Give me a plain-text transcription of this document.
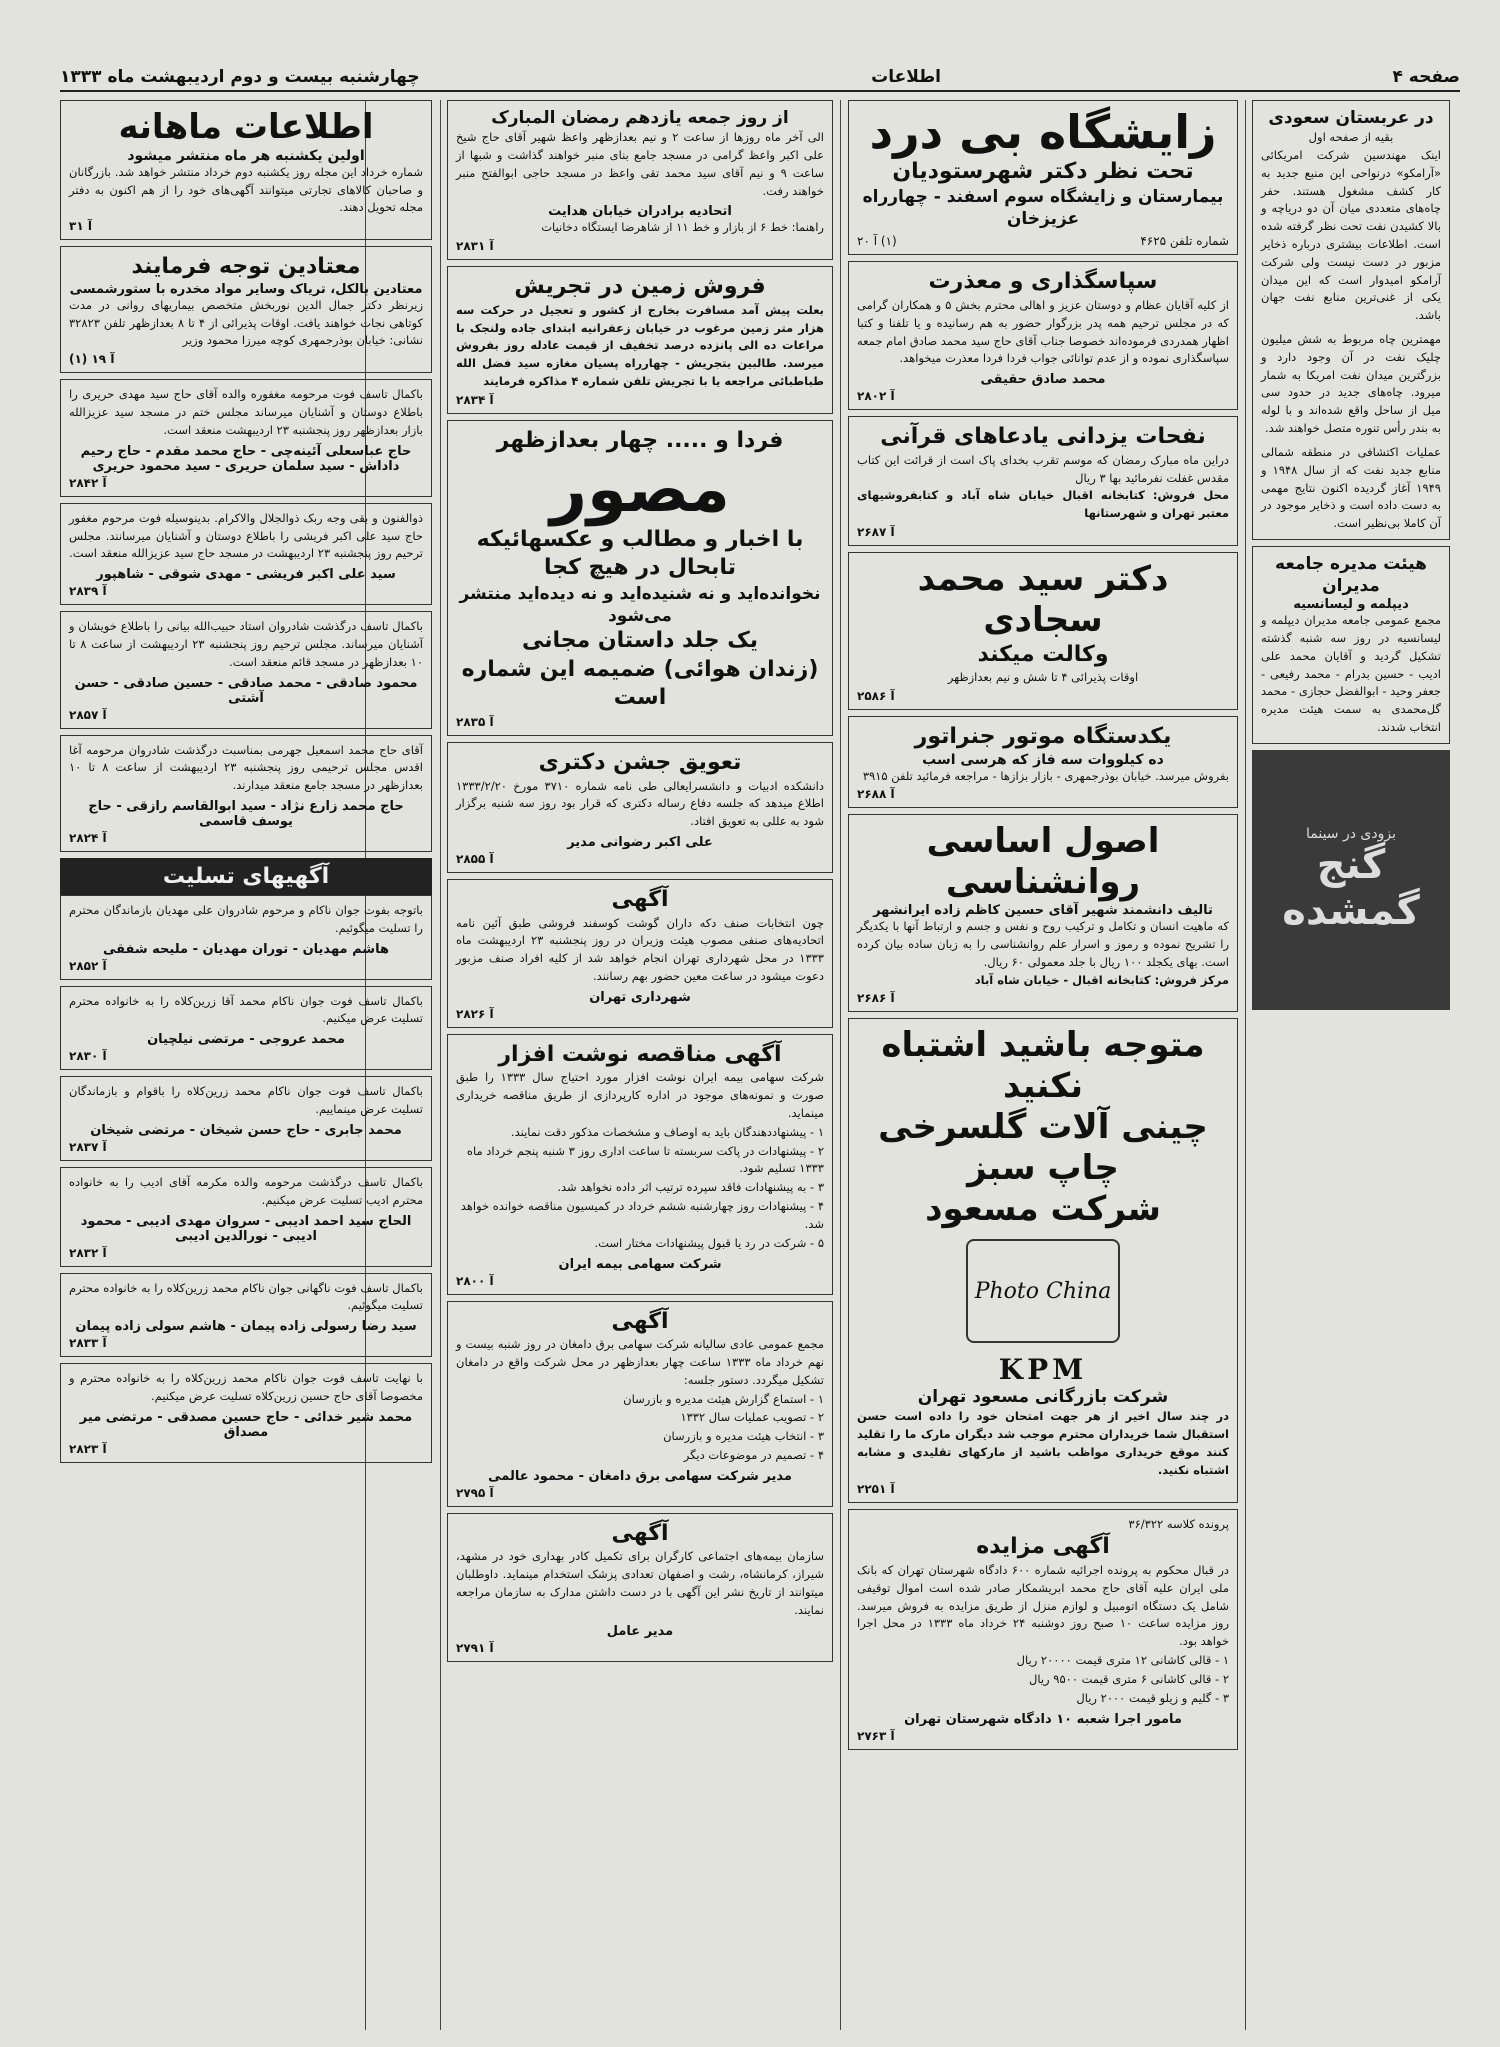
صفحه ۴
اطلاعات
چهارشنبه بیست و دوم اردیبهشت ماه ۱۳۳۳
در عربستان سعودی
بقیه از صفحه اول
اینک مهندسین شرکت امریکائی «آرامکو» درنواحی این منبع جدید به کار کشف مشغول هستند. حفر چاه‌های متعددی میان آن دو دریاچه و بالا کشیدن نفت تحت نظر گرفته شده است. اطلاعات بیشتری درباره ذخایر مزبور در دست نیست ولی شرکت آرامکو امیدوار است که این میدان یکی از غنی‌ترین منابع نفت جهان باشد.
مهمترین چاه مربوط به شش میلیون چلیک نفت در آن وجود دارد و بزرگترین میدان نفت امریکا به شمار میرود. چاه‌های جدید در حدود سی میل از ساحل واقع شده‌اند و با لوله به بندر رأس تنوره متصل خواهند شد.
عملیات اکتشافی در منطقه شمالی منابع جدید نفت که از سال ۱۹۴۸ و ۱۹۴۹ آغاز گردیده اکنون نتایج مهمی به دست داده است و ذخایر موجود در آن کاملا بی‌نظیر است.
هیئت مدیره جامعه مدیران
دیپلمه و لیسانسیه
مجمع عمومی جامعه مدیران دیپلمه و لیسانسیه در روز سه شنبه گذشته تشکیل گردید و آقایان محمد علی ادیب - حسین بدرام - محمد رفیعی - جعفر وحید - ابوالفضل حجازی - محمد گل‌محمدی به سمت هیئت مدیره انتخاب شدند.
بزودی در سینما
گنج گمشده
زایشگاه بی درد
تحت نظر دکتر شهرستودیان
بیمارستان و زایشگاه سوم اسفند - چهارراه عزیزخان
شماره تلفن ۴۶۲۵
(۱) آ ۲۰
سپاسگذاری و معذرت
از کلیه آقایان عظام و دوستان عزیز و اهالی محترم بخش ۵ و همکاران گرامی که در مجلس ترحیم همه پدر بزرگوار حضور به هم رسانیده و یا تلفنا و کتبا اظهار همدردی فرموده‌اند خصوصا جناب آقای حاج سید محمد صادق امام جمعه سپاسگذاری نموده و از عدم توانائی جواب فردا فردا معذرت میخواهد.
محمد صادق حقیقی
آ ۲۸۰۲
نفحات یزدانی یادعاهای قرآنی
دراین ماه مبارک رمضان که موسم تقرب بخدای پاک است از قرائت این کتاب مقدس غفلت نفرمائید بها ۳ ریال
محل فروش: کتابخانه اقبال خیابان شاه آباد و کتابفروشیهای معتبر تهران و شهرستانها
آ ۲۶۸۷
دکتر سید محمد سجادی
وکالت میکند
اوقات پذیرائی ۴ تا شش و نیم بعدازظهر
آ ۲۵۸۶
یکدستگاه موتور جنراتور
ده کیلووات سه فاز که هرسی اسب
بفروش میرسد. خیابان بوذرجمهری - بازار بزازها - مراجعه فرمائید تلفن ۳۹۱۵
آ ۲۶۸۸
اصول اساسی روانشناسی
تالیف دانشمند شهیر آقای حسین کاظم زاده ایرانشهر
که ماهیت انسان و تکامل و ترکیب روح و نفس و جسم و ارتباط آنها با یکدیگر را تشریح نموده و رموز و اسرار علم روانشناسی را به زبان ساده بیان کرده است. بهای یکجلد ۱۰۰ ریال با جلد معمولی ۶۰ ریال.
مرکز فروش: کتابخانه اقبال - خیابان شاه آباد
آ ۲۶۸۶
متوجه باشید اشتباه نکنید
چینی آلات گلسرخی چاپ سبز
شرکت مسعود
Photo China
KPM
شرکت بازرگانی مسعود تهران
در چند سال اخیر از هر جهت امتحان خود را داده است حسن استقبال شما خریداران محترم موجب شد دیگران مارک ما را تقلید کنند موقع خریداری مواظب باشید از مارکهای تقلیدی و مشابه اشتباه نکنید.
آ ۲۲۵۱
پرونده کلاسه ۳۶/۳۲۲
آگهی مزایده
در قبال محکوم به پرونده اجرائیه شماره ۶۰۰ دادگاه شهرستان تهران که بانک ملی ایران علیه آقای حاج محمد ابریشمکار صادر شده است اموال توقیفی شامل یک دستگاه اتومبیل و لوازم منزل از طریق مزایده به فروش میرسد. روز مزایده ساعت ۱۰ صبح روز دوشنبه ۲۴ خرداد ماه ۱۳۳۳ در محل اجرا خواهد بود.
۱ - قالی کاشانی ۱۲ متری قیمت ۲۰۰۰۰ ریال
۲ - قالی کاشانی ۶ متری قیمت ۹۵۰۰ ریال
۳ - گلیم و زیلو قیمت ۲۰۰۰ ریال
مامور اجرا شعبه ۱۰ دادگاه شهرستان تهران
آ ۲۷۶۳
از روز جمعه یازدهم رمضان المبارک
الی آخر ماه روزها از ساعت ۲ و نیم بعدازظهر واعظ شهیر آقای حاج شیخ علی اکبر واعظ گرامی در مسجد جامع بنای منبر خواهند گذاشت و شبها از ساعت ۹ و نیم آقای سید محمد تقی واعظ در مسجد حاجی ابوالفتح منبر خواهند رفت.
اتحادیه برادران خیابان هدایت
راهنما: خط ۶ از بازار و خط ۱۱ از شاهرضا ایستگاه دخانیات
آ ۲۸۳۱
فروش زمین در تجریش
بعلت پیش آمد مسافرت بخارج از کشور و تعجیل در حرکت سه هزار متر زمین مرغوب در خیابان زعفرانیه ابتدای جاده ولنجک با مراعات ده الی پانزده درصد تخفیف از قیمت عادله روز بفروش میرسد. طالبین بتجریش - چهارراه پسیان مغازه سید فضل الله طباطبائی مراجعه یا با تجریش تلفن شماره ۴ مذاکره فرمایند
آ ۲۸۳۴
فردا و ..... چهار بعدازظهر
مصور
با اخبار و مطالب و عکسهائیکه تابحال در هیچ کجا
نخوانده‌اید و نه شنیده‌اید و نه دیده‌اید منتشر می‌شود
یک جلد داستان مجانی
(زندان هوائی) ضمیمه این شماره است
آ ۲۸۳۵
تعویق جشن دکتری
دانشکده ادبیات و دانشسرایعالی طی نامه شماره ۳۷۱۰ مورخ ۱۳۳۳/۲/۲۰ اطلاع میدهد که جلسه دفاع رساله دکتری که قرار بود روز سه شنبه برگزار شود به عللی به تعویق افتاد.
علی اکبر رضوانی مدیر
آ ۲۸۵۵
آگهی
چون انتخابات صنف دکه داران گوشت کوسفند فروشی طبق آئین نامه اتحادیه‌های صنفی مصوب هیئت وزیران در روز پنجشنبه ۲۳ اردیبهشت ماه ۱۳۳۳ در محل شهرداری تهران انجام خواهد شد از کلیه افراد صنف مزبور دعوت میشود در ساعت معین حضور بهم رسانند.
شهرداری تهران
آ ۲۸۲۶
آگهی مناقصه نوشت افزار
شرکت سهامی بیمه ایران نوشت افزار مورد احتیاج سال ۱۳۳۳ را طبق صورت و نمونه‌های موجود در اداره کارپردازی از طریق مناقصه خریداری مینماید.
۱ - پیشنهاددهندگان باید به اوصاف و مشخصات مذکور دقت نمایند.
۲ - پیشنهادات در پاکت سربسته تا ساعت اداری روز ۳ شنبه پنجم خرداد ماه ۱۳۳۳ تسلیم شود.
۳ - به پیشنهادات فاقد سپرده ترتیب اثر داده نخواهد شد.
۴ - پیشنهادات روز چهارشنبه ششم خرداد در کمیسیون مناقصه خوانده خواهد شد.
۵ - شرکت در رد یا قبول پیشنهادات مختار است.
شرکت سهامی بیمه ایران
آ ۲۸۰۰
آگهی
مجمع عمومی عادی سالیانه شرکت سهامی برق دامغان در روز شنبه بیست و نهم خرداد ماه ۱۳۳۳ ساعت چهار بعدازظهر در محل شرکت واقع در دامغان تشکیل میگردد. دستور جلسه:
۱ - استماع گزارش هیئت مدیره و بازرسان
۲ - تصویب عملیات سال ۱۳۳۲
۳ - انتخاب هیئت مدیره و بازرسان
۴ - تصمیم در موضوعات دیگر
مدیر شرکت سهامی برق دامغان - محمود عالمی
آ ۲۷۹۵
آگهی
سازمان بیمه‌های اجتماعی کارگران برای تکمیل کادر بهداری خود در مشهد، شیراز، کرمانشاه، رشت و اصفهان تعدادی پزشک استخدام مینماید. داوطلبان میتوانند از تاریخ نشر این آگهی با در دست داشتن مدارک به سازمان مراجعه نمایند.
مدیر عامل
آ ۲۷۹۱
اطلاعات ماهانه
اولین یکشنبه هر ماه منتشر میشود
شماره خرداد این مجله روز یکشنبه دوم خرداد منتشر خواهد شد. بازرگانان و صاحبان کالاهای تجارتی میتوانند آگهی‌های خود را از هم اکنون به دفتر مجله تحویل دهند.
آ ۳۱
معتادین توجه فرمایند
معتادین بالکل، تریاک وسایر مواد مخدره با ستورشمسی
زیرنظر دکتر جمال الدین نوربخش متخصص بیماریهای روانی در مدت کوتاهی نجات خواهند یافت. اوقات پذیرائی از ۴ تا ۸ بعدازظهر تلفن ۳۲۸۲۳ نشانی: خیابان بوذرجمهری کوچه میرزا محمود وزیر
(۱) آ ۱۹
باکمال تاسف فوت مرحومه مغفوره والده آقای حاج سید مهدی حریری را باطلاع دوستان و آشنایان میرساند مجلس ختم در مسجد سید عزیزالله بازار بعدازظهر روز پنجشنبه ۲۳ اردیبهشت منعقد است.
حاج عباسعلی آئینه‌چی - حاج محمد مقدم - حاج رحیم داداش - سید سلمان حریری - سید محمود حریری
آ ۲۸۴۲
ذوالفنون و بقی وجه ربک ذوالجلال والاکرام. بدینوسیله فوت مرحوم مغفور حاج سید علی اکبر فریشی را باطلاع دوستان و آشنایان میرسانند. مجلس ترحیم روز پنجشنبه ۲۳ اردیبهشت در مسجد حاج سید عزیزالله منعقد است.
سید علی اکبر فریشی - مهدی شوقی - شاهپور
آ ۲۸۳۹
باکمال تاسف درگذشت شادروان استاد حبیب‌الله بیانی را باطلاع خویشان و آشنایان میرساند. مجلس ترحیم روز پنجشنبه ۲۳ اردیبهشت از ساعت ۸ تا ۱۰ بعدازظهر در مسجد قائم منعقد است.
محمود صادقی - محمد صادقی - حسین صادقی - حسن آشتی
آ ۲۸۵۷
آقای حاج محمد اسمعیل جهرمی بمناسبت درگذشت شادروان مرحومه آغا اقدس مجلس ترحیمی روز پنجشنبه ۲۳ اردیبهشت از ساعت ۸ تا ۱۰ بعدازظهر در مسجد جامع منعقد میدارند.
حاج محمد زارع نژاد - سید ابوالقاسم رازقی - حاج یوسف قاسمی
آ ۲۸۲۴
آگهیهای تسلیت
باتوجه بفوت جوان ناکام و مرحوم شادروان علی مهدیان بازماندگان محترم را تسلیت میگوئیم.
هاشم مهدیان - توران مهدیان - ملیحه شفقی
آ ۲۸۵۲
باکمال تاسف فوت جوان ناکام محمد آقا زرین‌کلاه را به خانواده محترم تسلیت عرض میکنیم.
محمد عروجی - مرتضی نیلچیان
آ ۲۸۳۰
باکمال تاسف فوت جوان ناکام محمد زرین‌کلاه را باقوام و بازماندگان تسلیت عرض مینماییم.
محمد جابری - حاج حسن شیخان - مرتضی شیخان
آ ۲۸۳۷
باکمال تاسف درگذشت مرحومه والده مکرمه آقای ادیب را به خانواده محترم ادیب تسلیت عرض میکنیم.
الحاج سید احمد ادیبی - سروان مهدی ادیبی - محمود ادیبی - نورالدین ادیبی
آ ۲۸۳۲
باکمال تاسف فوت ناگهانی جوان ناکام محمد زرین‌کلاه را به خانواده محترم تسلیت میگوئیم.
سید رضا رسولی زاده پیمان - هاشم سولی زاده پیمان
آ ۲۸۳۳
با نهایت تاسف فوت جوان ناکام محمد زرین‌کلاه را به خانواده محترم و مخصوصا آقای حاج حسین زرین‌کلاه تسلیت عرض میکنیم.
محمد شیر خدائی - حاج حسین مصدقی - مرتضی میر مصداق
آ ۲۸۲۳
